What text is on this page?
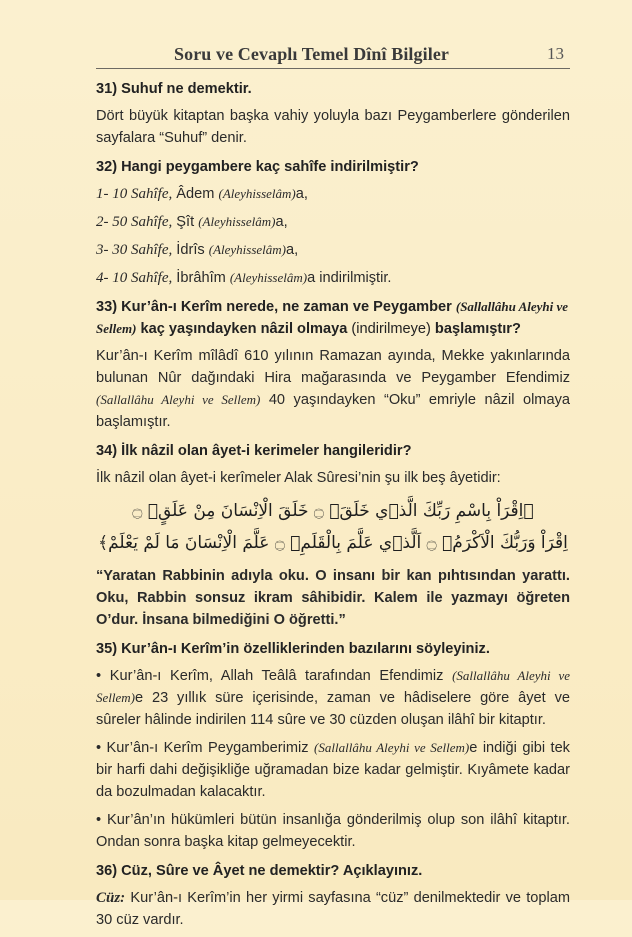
Soru ve Cevaplı Temel Dînî Bilgiler	13
31) Suhuf ne demektir.
Dört büyük kitaptan başka vahiy yoluyla bazı Peygamberlere gönderilen sayfalara “Suhuf” denir.
32) Hangi peygambere kaç sahîfe indirilmiştir?
1- 10 Sahîfe, Âdem (Aleyhisselâm)a,
2- 50 Sahîfe, Şît (Aleyhisselâm)a,
3- 30 Sahîfe, İdrîs (Aleyhisselâm)a,
4- 10 Sahîfe, İbrâhîm (Aleyhisselâm)a indirilmiştir.
33) Kur’ân-ı Kerîm nerede, ne zaman ve Peygamber (Sallallâhu Aleyhi ve Sellem) kaç yaşındayken nâzil olmaya (indirilmeye) başlamıştır?
Kur’ân-ı Kerîm mîlâdî 610 yılının Ramazan ayında, Mekke yakınlarında bulunan Nûr dağındaki Hira mağarasında ve Peygamber Efendimiz (Sallallâhu Aleyhi ve Sellem) 40 yaşındayken “Oku” emriyle nâzil olmaya başlamıştır.
34) İlk nâzil olan âyet-i kerimeler hangileridir?
İlk nâzil olan âyet-i kerîmeler Alak Sûresi’nin şu ilk beş âyetidir:
﴿اِقْرَاْ بِاسْمِ رَبِّكَ الَّذ۪ي خَلَقَۚ ۝ خَلَقَ الْاِنْسَانَ مِنْ عَلَقٍۚ ۝
اِقْرَاْ وَرَبُّكَ الْاَكْرَمُۙ ۝ اَلَّذ۪ي عَلَّمَ بِالْقَلَمِۙ ۝ عَلَّمَ الْاِنْسَانَ مَا لَمْ يَعْلَمْ﴾
“Yaratan Rabbinin adıyla oku. O insanı bir kan pıhtısından yarattı. Oku, Rabbin sonsuz ikram sâhibidir. Kalem ile yazmayı öğreten O’dur. İnsana bilmediğini O öğretti.”
35) Kur’ân-ı Kerîm’in özelliklerinden bazılarını söyleyiniz.
• Kur’ân-ı Kerîm, Allah Teâlâ tarafından Efendimiz (Sallallâhu Aleyhi ve Sellem)e 23 yıllık süre içerisinde, zaman ve hâdiselere göre âyet ve sûreler hâlinde indirilen 114 sûre ve 30 cüzden oluşan ilâhî bir kitaptır.
• Kur’ân-ı Kerîm Peygamberimiz (Sallallâhu Aleyhi ve Sellem)e indiği gibi tek bir harfi dahi değişikliğe uğramadan bize kadar gelmiştir. Kıyâmete kadar da bozulmadan kalacaktır.
• Kur’ân’ın hükümleri bütün insanlığa gönderilmiş olup son ilâhî kitaptır. Ondan sonra başka kitap gelmeyecektir.
36) Cüz, Sûre ve Âyet ne demektir? Açıklayınız.
Cüz: Kur’ân-ı Kerîm’in her yirmi sayfasına “cüz” denilmektedir ve toplam 30 cüz vardır.
